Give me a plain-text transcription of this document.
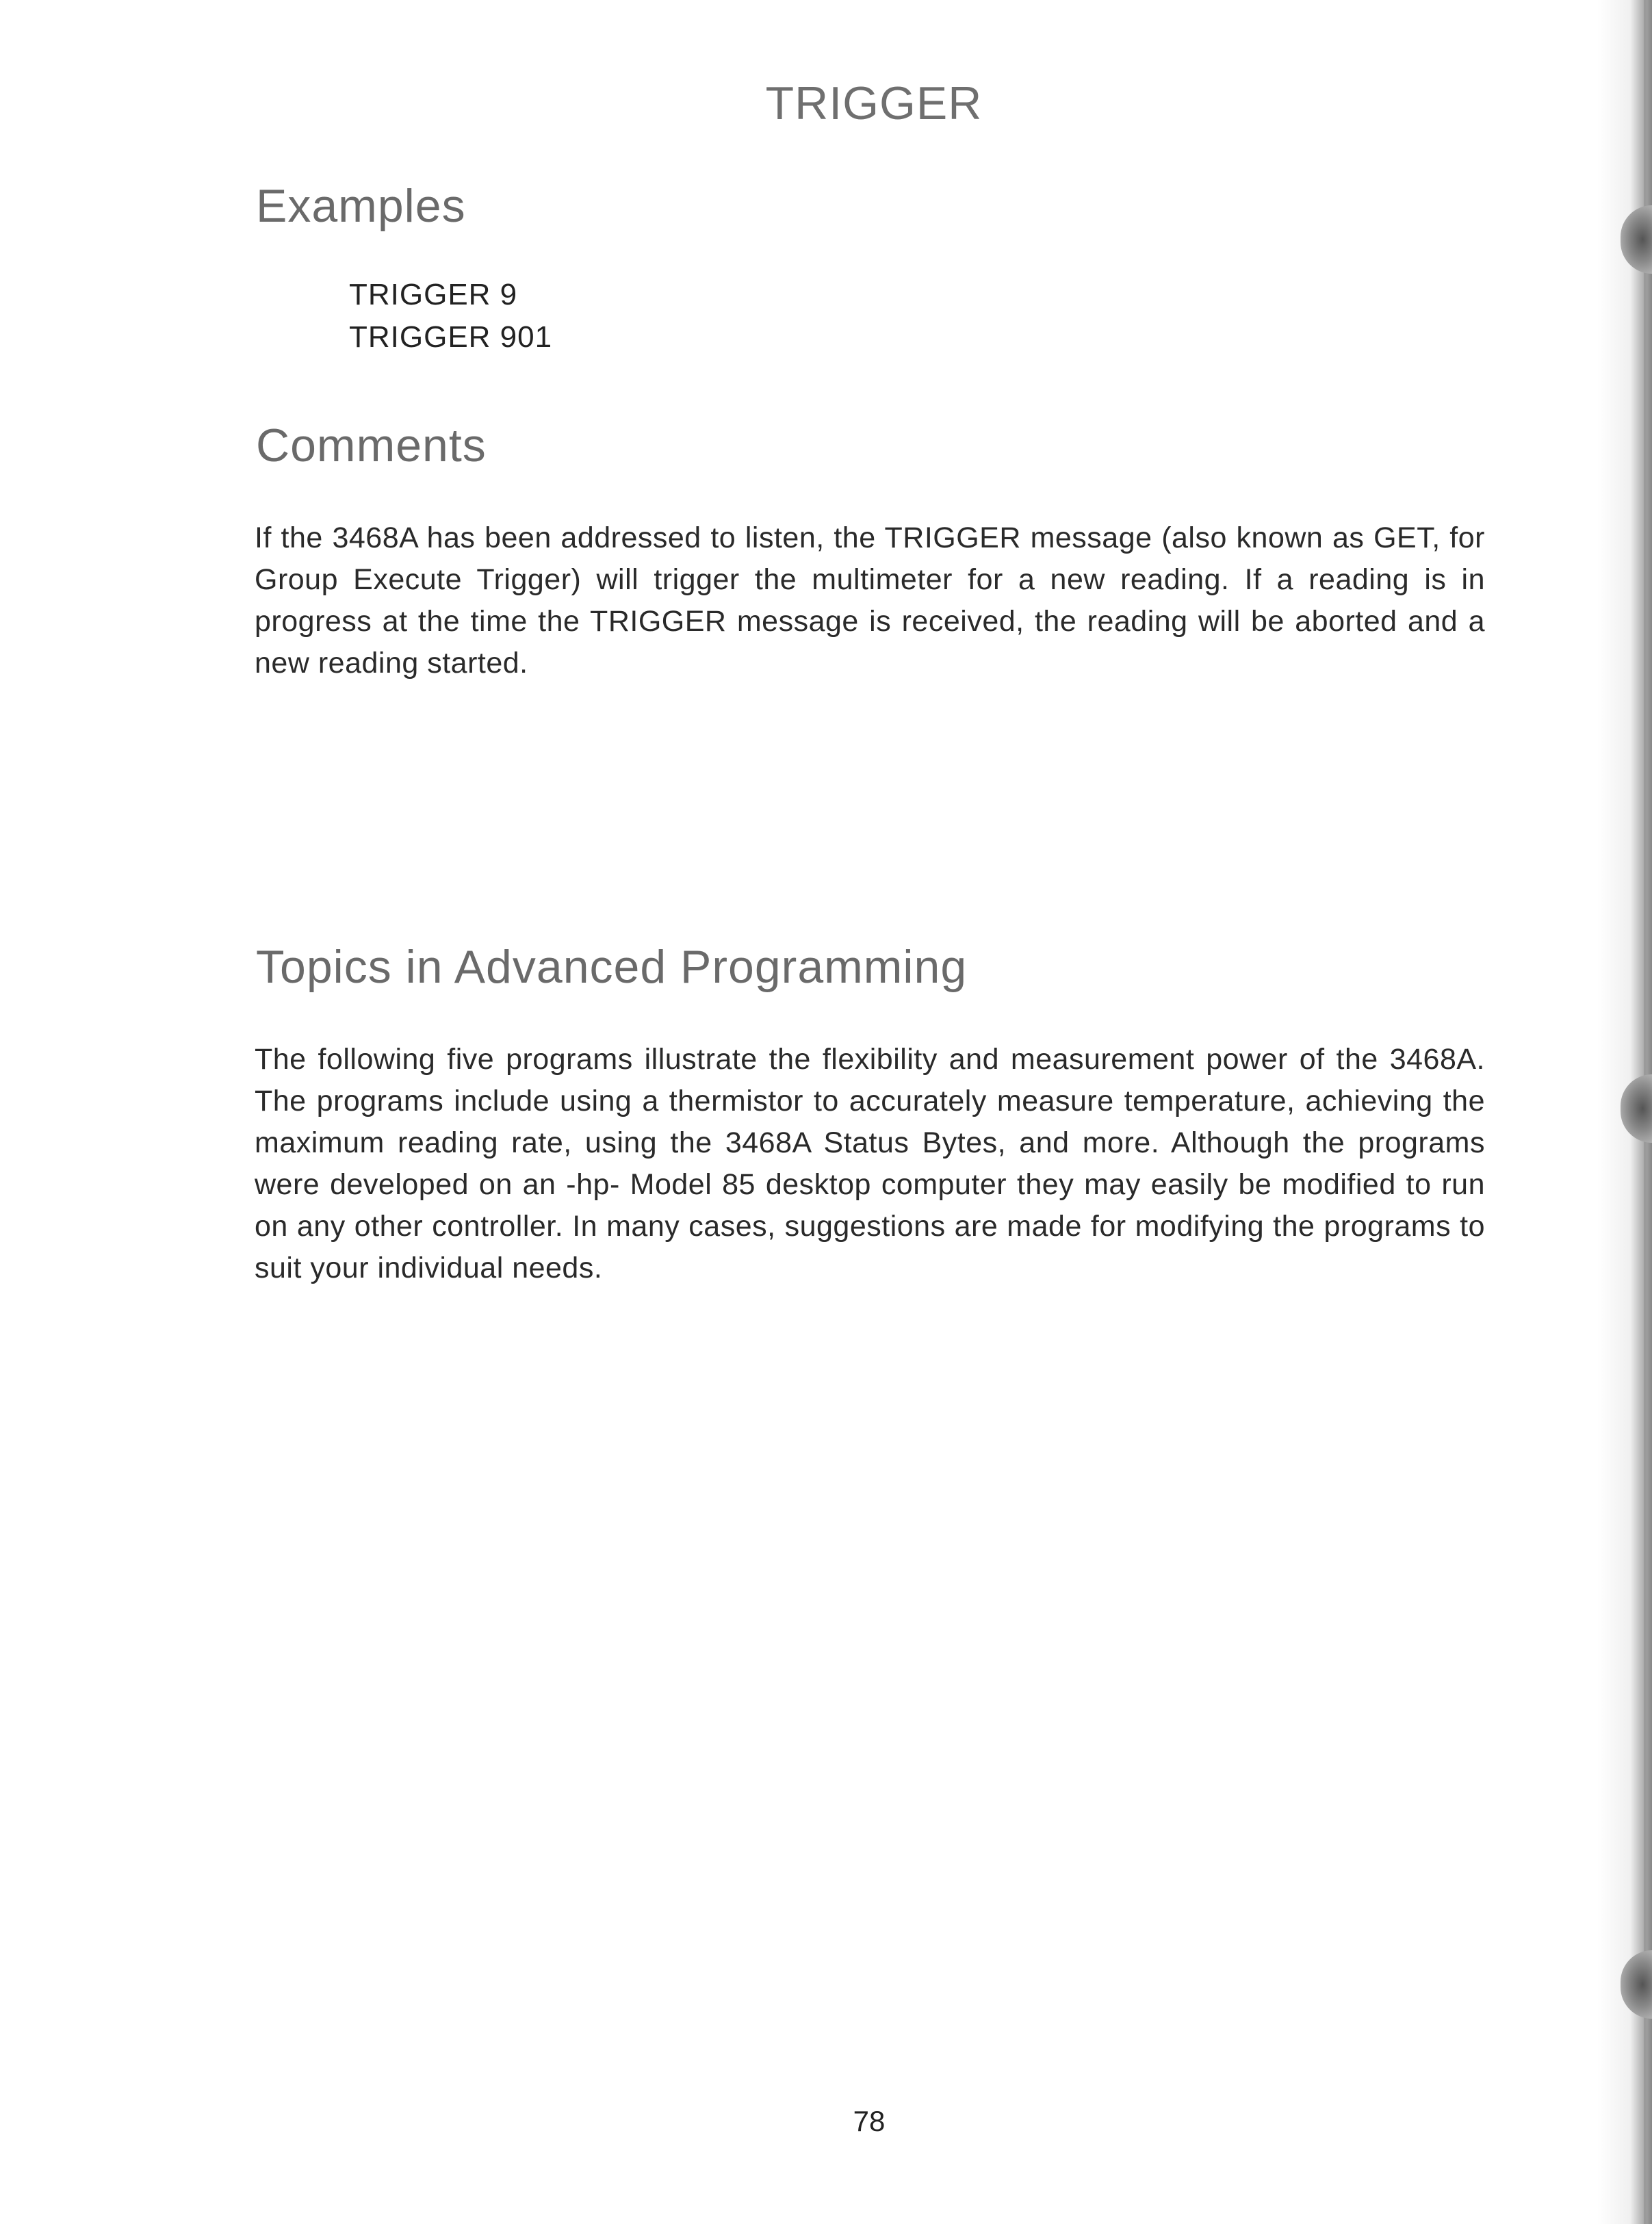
TRIGGER
Examples
TRIGGER 9
TRIGGER 901
Comments

If the 3468A has been addressed to listen, the TRIGGER message (also known as GET, for Group Execute Trigger) will trigger the multimeter for a new reading. If a reading is in progress at the time the TRIGGER message is received, the reading will be aborted and a new reading started.

Topics in Advanced Programming

The following five programs illustrate the flexibility and measurement power of the 3468A. The programs include using a thermistor to accurately measure temperature, achieving the maximum reading rate, using the 3468A Status Bytes, and more. Although the programs were developed on an -hp- Model 85 desktop computer they may easily be modified to run on any other controller. In many cases, suggestions are made for modifying the programs to suit your individual needs.

78
